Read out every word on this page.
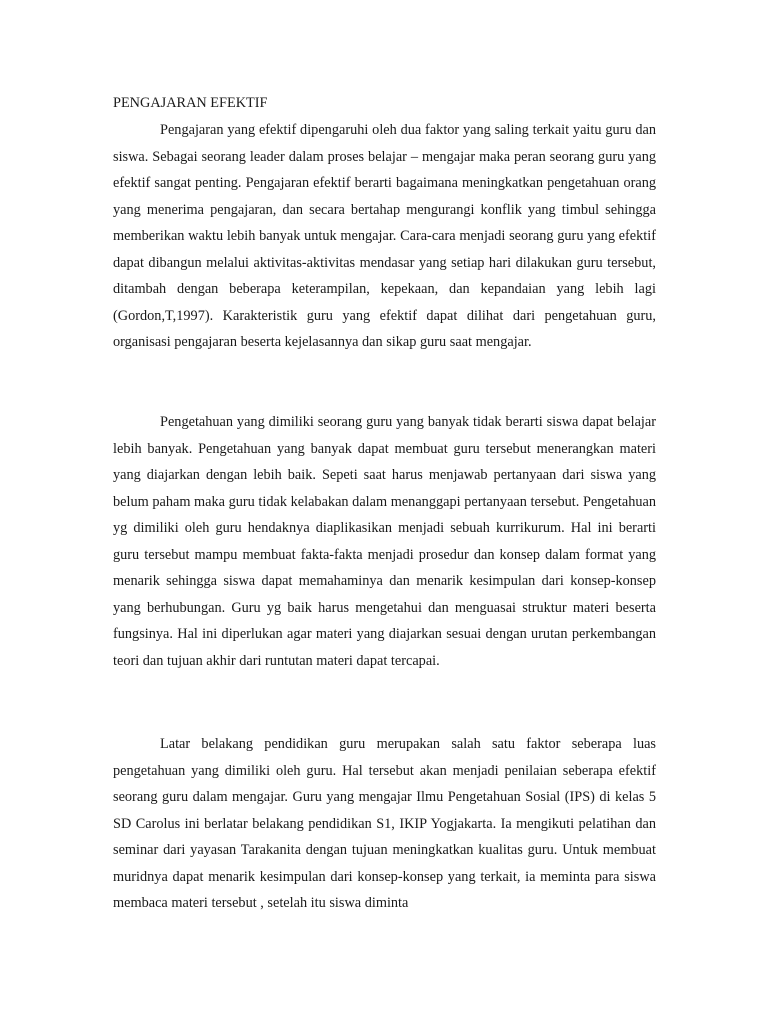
PENGAJARAN EFEKTIF

Pengajaran yang efektif dipengaruhi oleh dua faktor yang saling terkait yaitu guru dan siswa. Sebagai seorang leader dalam proses belajar – mengajar maka peran seorang guru yang efektif sangat penting. Pengajaran efektif berarti bagaimana meningkatkan pengetahuan orang yang menerima pengajaran, dan secara bertahap mengurangi konflik yang timbul sehingga memberikan waktu lebih banyak untuk mengajar. Cara-cara menjadi seorang guru yang efektif dapat dibangun melalui aktivitas-aktivitas mendasar yang setiap hari dilakukan guru tersebut, ditambah dengan beberapa keterampilan, kepekaan, dan kepandaian yang lebih lagi (Gordon,T,1997). Karakteristik guru yang efektif dapat dilihat dari pengetahuan guru, organisasi pengajaran beserta kejelasannya dan sikap guru saat mengajar.

Pengetahuan yang dimiliki seorang guru yang banyak tidak berarti siswa dapat belajar lebih banyak. Pengetahuan yang banyak dapat membuat guru tersebut menerangkan materi yang diajarkan dengan lebih baik. Sepeti saat harus menjawab pertanyaan dari siswa yang belum paham maka guru tidak kelabakan dalam menanggapi pertanyaan tersebut. Pengetahuan yg dimiliki oleh guru hendaknya diaplikasikan menjadi sebuah kurrikurum. Hal ini berarti guru tersebut mampu membuat fakta-fakta menjadi prosedur dan konsep dalam format yang menarik sehingga siswa dapat memahaminya dan menarik kesimpulan dari konsep-konsep yang berhubungan. Guru yg baik harus mengetahui dan menguasai struktur materi beserta fungsinya. Hal ini diperlukan agar materi yang diajarkan sesuai dengan urutan perkembangan teori dan tujuan akhir dari runtutan materi dapat tercapai.

Latar belakang pendidikan guru merupakan salah satu faktor seberapa luas pengetahuan yang dimiliki oleh guru. Hal tersebut akan menjadi penilaian seberapa efektif seorang guru dalam mengajar. Guru yang mengajar Ilmu Pengetahuan Sosial (IPS) di kelas 5 SD Carolus ini berlatar belakang pendidikan S1, IKIP Yogjakarta. Ia mengikuti pelatihan dan seminar dari yayasan Tarakanita dengan tujuan meningkatkan kualitas guru. Untuk membuat muridnya dapat menarik kesimpulan dari konsep-konsep yang terkait, ia meminta para siswa membaca materi tersebut , setelah itu siswa diminta
